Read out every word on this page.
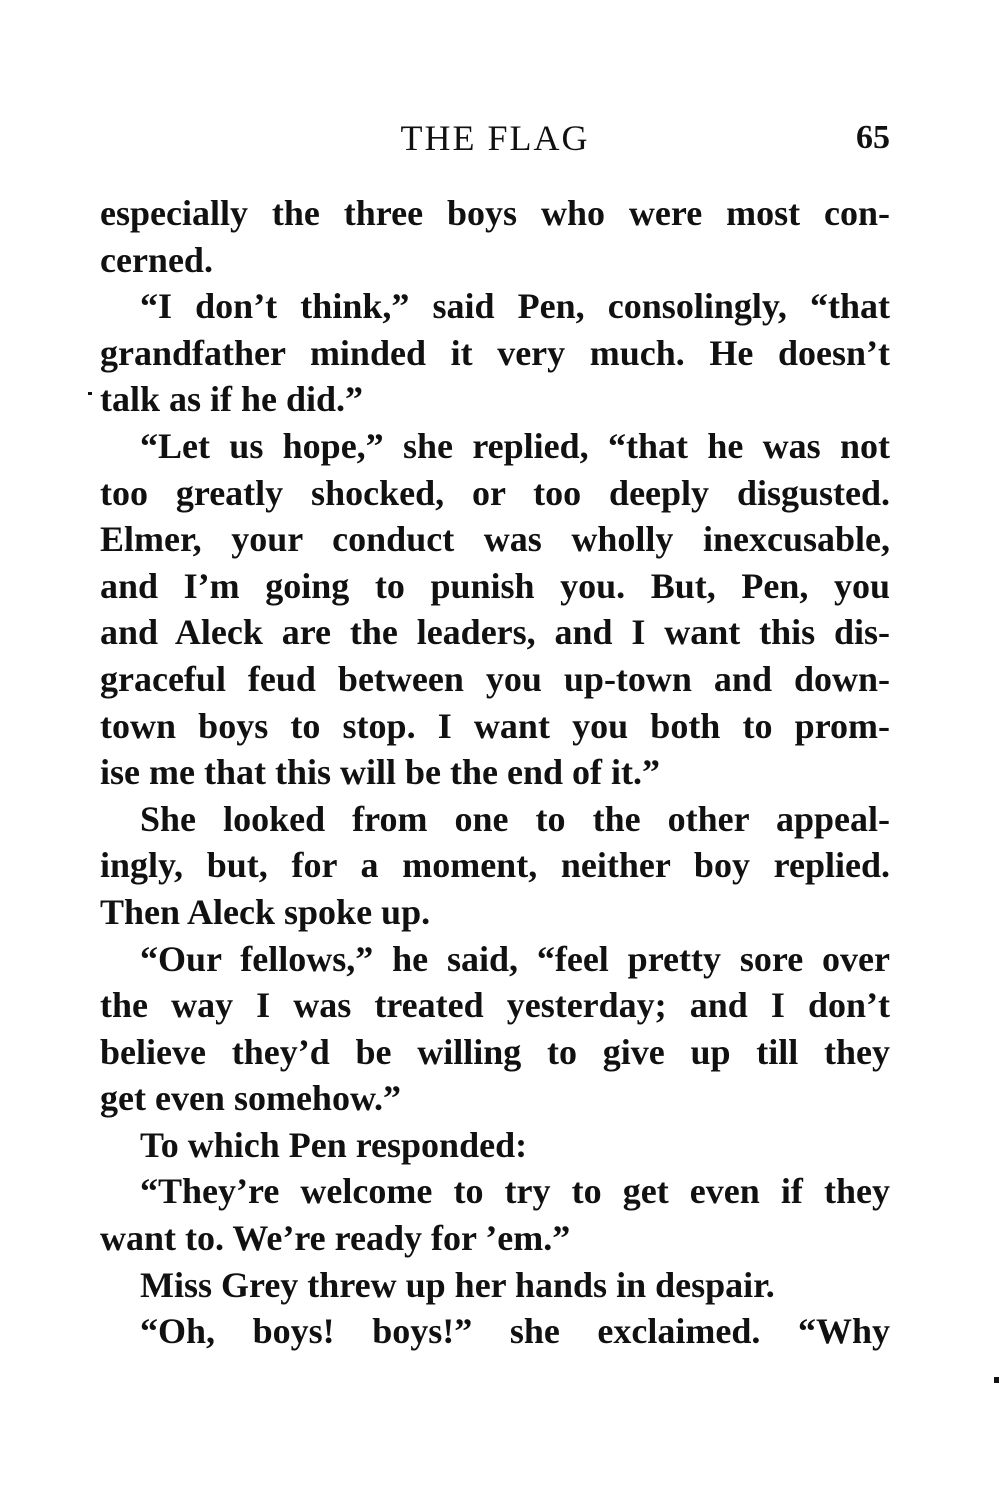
THE FLAG	65
especially the three boys who were most con-
cerned.
“I don’t think,” said Pen, consolingly, “that
grandfather minded it very much. He doesn’t
talk as if he did.”
“Let us hope,” she replied, “that he was not
too greatly shocked, or too deeply disgusted.
Elmer, your conduct was wholly inexcusable,
and I’m going to punish you. But, Pen, you
and Aleck are the leaders, and I want this dis-
graceful feud between you up-town and down-
town boys to stop. I want you both to prom-
ise me that this will be the end of it.”
She looked from one to the other appeal-
ingly, but, for a moment, neither boy replied.
Then Aleck spoke up.
“Our fellows,” he said, “feel pretty sore over
the way I was treated yesterday; and I don’t
believe they’d be willing to give up till they
get even somehow.”
To which Pen responded:
“They’re welcome to try to get even if they
want to. We’re ready for ’em.”
Miss Grey threw up her hands in despair.
“Oh, boys! boys!” she exclaimed. “Why
